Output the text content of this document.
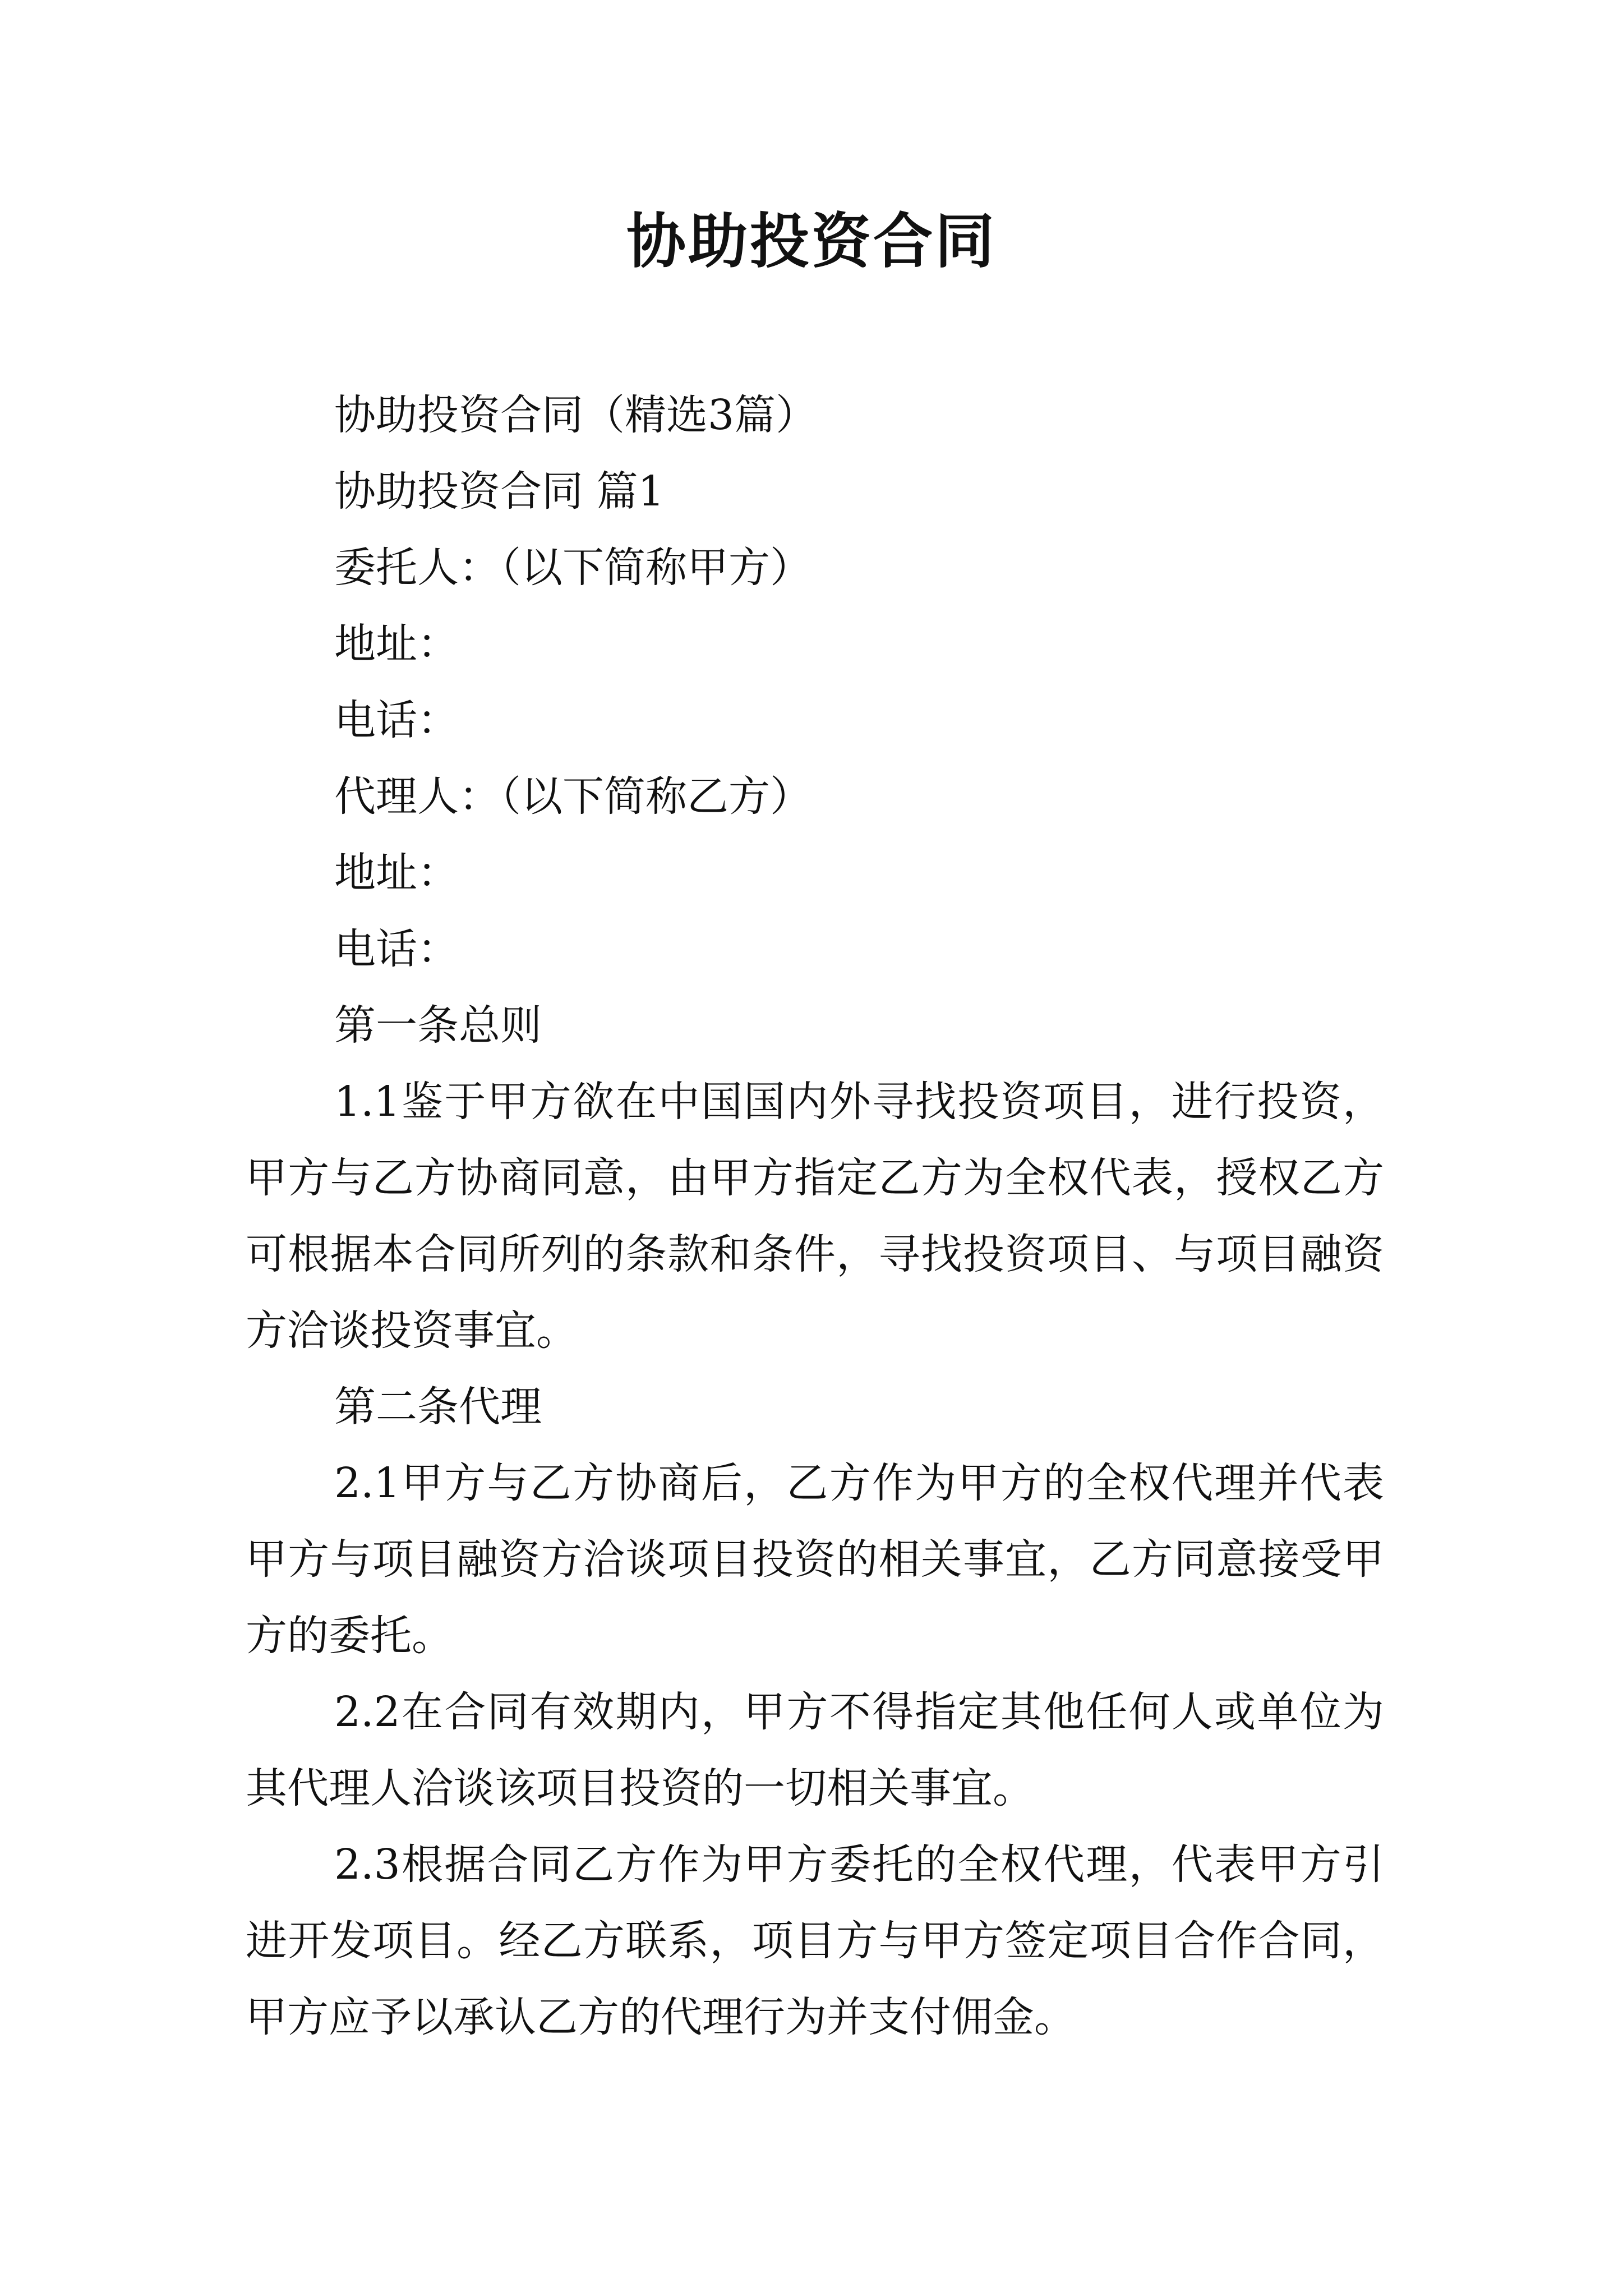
协助投资合同
协助投资合同（精选3篇）
协助投资合同 篇1
委托人：（以下简称甲方）
地址：
电话：
代理人：（以下简称乙方）
地址：
电话：
第一条总则
1.1鉴于甲方欲在中国国内外寻找投资项目，进行投资，甲方与乙方协商同意，由甲方指定乙方为全权代表，授权乙方可根据本合同所列的条款和条件，寻找投资项目、与项目融资方洽谈投资事宜。
第二条代理
2.1甲方与乙方协商后，乙方作为甲方的全权代理并代表甲方与项目融资方洽谈项目投资的相关事宜，乙方同意接受甲方的委托。
2.2在合同有效期内，甲方不得指定其他任何人或单位为其代理人洽谈该项目投资的一切相关事宜。
2.3根据合同乙方作为甲方委托的全权代理，代表甲方引进开发项目。经乙方联系，项目方与甲方签定项目合作合同，甲方应予以承认乙方的代理行为并支付佣金。
